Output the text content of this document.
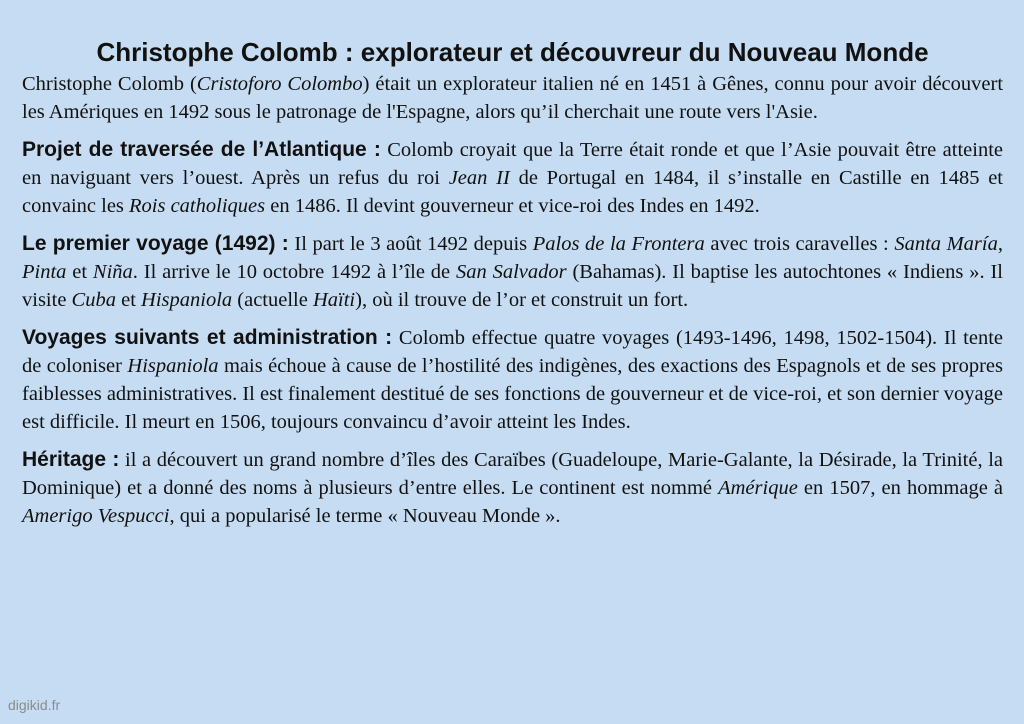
Christophe Colomb : explorateur et découvreur du Nouveau Monde

Christophe Colomb (Cristoforo Colombo) était un explorateur italien né en 1451 à Gênes, connu pour avoir découvert les Amériques en 1492 sous le patronage de l'Espagne, alors qu’il cherchait une route vers l'Asie.

Projet de traversée de l’Atlantique : Colomb croyait que la Terre était ronde et que l’Asie pouvait être atteinte en naviguant vers l’ouest. Après un refus du roi Jean II de Portugal en 1484, il s’installe en Castille en 1485 et convainc les Rois catholiques en 1486. Il devint gouverneur et vice-roi des Indes en 1492.

Le premier voyage (1492) : Il part le 3 août 1492 depuis Palos de la Frontera avec trois caravelles : Santa María, Pinta et Niña. Il arrive le 10 octobre 1492 à l’île de San Salvador (Bahamas). Il baptise les autochtones « Indiens ». Il visite Cuba et Hispaniola (actuelle Haïti), où il trouve de l’or et construit un fort.

Voyages suivants et administration : Colomb effectue quatre voyages (1493-1496, 1498, 1502-1504). Il tente de coloniser Hispaniola mais échoue à cause de l’hostilité des indigènes, des exactions des Espagnols et de ses propres faiblesses administratives. Il est finalement destitué de ses fonctions de gouverneur et de vice-roi, et son dernier voyage est difficile. Il meurt en 1506, toujours convaincu d’avoir atteint les Indes.

Héritage : il a découvert un grand nombre d’îles des Caraïbes (Guadeloupe, Marie-Galante, la Désirade, la Trinité, la Dominique) et a donné des noms à plusieurs d’entre elles. Le continent est nommé Amérique en 1507, en hommage à Amerigo Vespucci, qui a popularisé le terme « Nouveau Monde ».

digikid.fr
